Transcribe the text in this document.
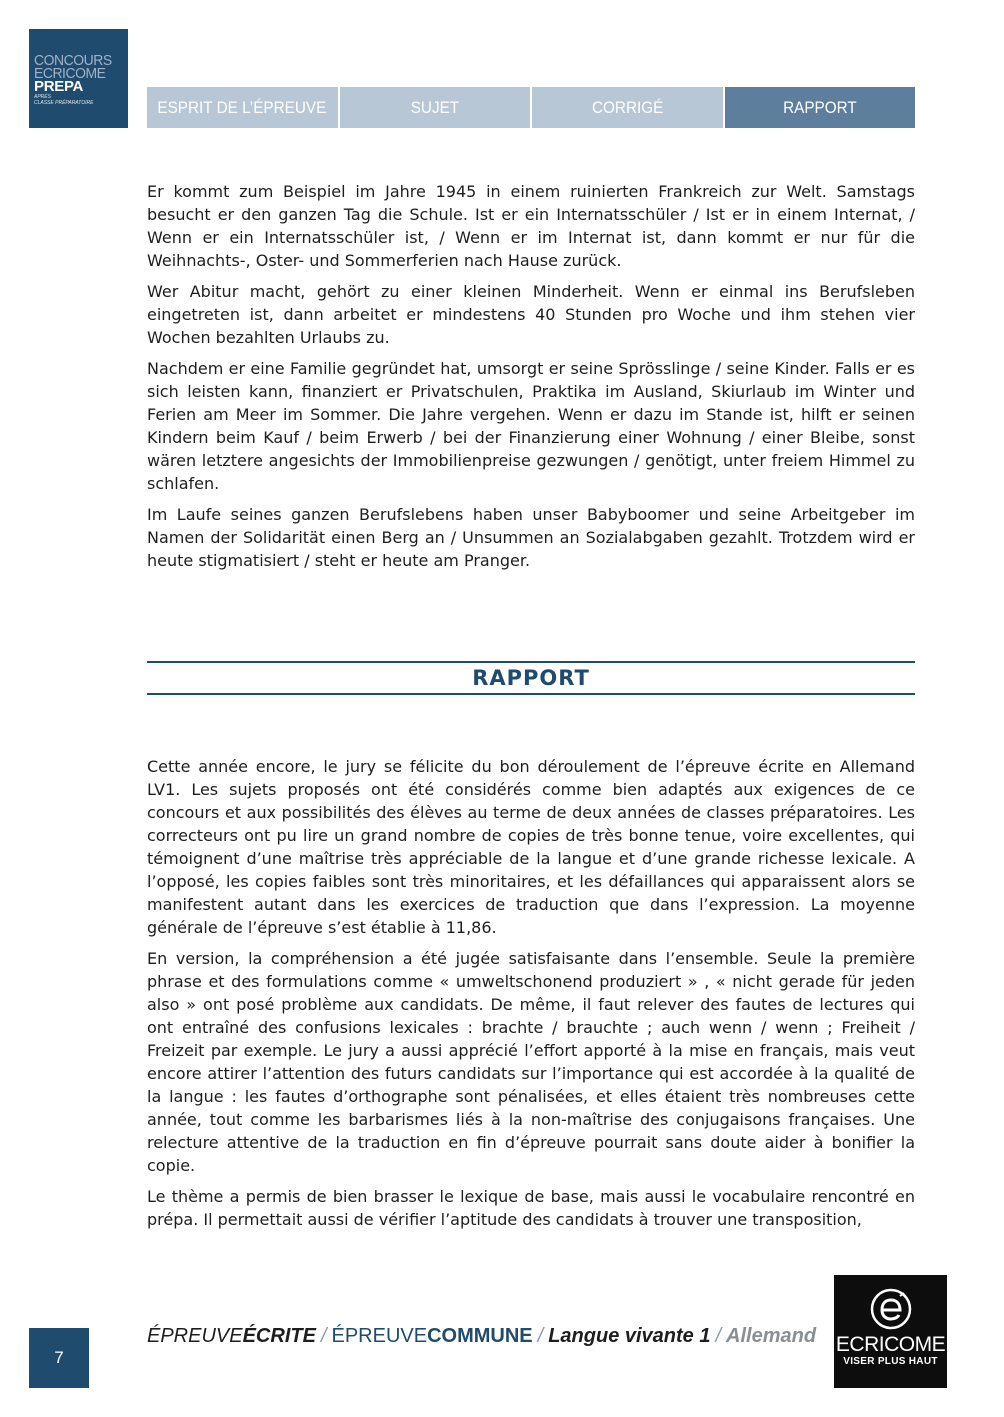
CONCOURS
ECRICOME
PREPA
APRÈS
CLASSE PRÉPARATOIRE	ESPRIT DE L’ÉPREUVE	SUJET	CORRIGÉ	RAPPORT

Er kommt zum Beispiel im Jahre 1945 in einem ruinierten Frankreich zur Welt. Samstags besucht er den ganzen Tag die Schule. Ist er ein Internatsschüler / Ist er in einem Internat, / Wenn er ein Internatsschüler ist, / Wenn er im Internat ist, dann kommt er nur für die Weihnachts-, Oster- und Sommerferien nach Hause zurück.

Wer Abitur macht, gehört zu einer kleinen Minderheit. Wenn er einmal ins Berufsleben eingetreten ist, dann arbeitet er mindestens 40 Stunden pro Woche und ihm stehen vier Wochen bezahlten Urlaubs zu.

Nachdem er eine Familie gegründet hat, umsorgt er seine Sprösslinge / seine Kinder. Falls er es sich leisten kann, finanziert er Privatschulen, Praktika im Ausland, Skiurlaub im Winter und Ferien am Meer im Sommer. Die Jahre vergehen. Wenn er dazu im Stande ist, hilft er seinen Kindern beim Kauf / beim Erwerb / bei der Finanzierung einer Wohnung / einer Bleibe, sonst wären letztere angesichts der Immobilienpreise gezwungen / genötigt, unter freiem Himmel zu schlafen.

Im Laufe seines ganzen Berufslebens haben unser Babyboomer und seine Arbeitgeber im Namen der Solidarität einen Berg an / Unsummen an Sozialabgaben gezahlt. Trotzdem wird er heute stigmatisiert / steht er heute am Pranger.

RAPPORT

Cette année encore, le jury se félicite du bon déroulement de l’épreuve écrite en Allemand LV1. Les sujets proposés ont été considérés comme bien adaptés aux exigences de ce concours et aux possibilités des élèves au terme de deux années de classes préparatoires. Les correcteurs ont pu lire un grand nombre de copies de très bonne tenue, voire excellentes, qui témoignent d’une maîtrise très appréciable de la langue et d’une grande richesse lexicale. A l’opposé, les copies faibles sont très minoritaires, et les défaillances qui apparaissent alors se manifestent autant dans les exercices de traduction que dans l’expression. La moyenne générale de l’épreuve s’est établie à 11,86.

En version, la compréhension a été jugée satisfaisante dans l’ensemble. Seule la première phrase et des formulations comme « umweltschonend produziert » , « nicht gerade für jeden also » ont posé problème aux candidats. De même, il faut relever des fautes de lectures qui ont entraîné des confusions lexicales : brachte / brauchte ; auch wenn / wenn ; Freiheit / Freizeit par exemple. Le jury a aussi apprécié l’effort apporté à la mise en français, mais veut encore attirer l’attention des futurs candidats sur l’importance qui est accordée à la qualité de la langue : les fautes d’orthographe sont pénalisées, et elles étaient très nombreuses cette année, tout comme les barbarismes liés à la non-maîtrise des conjugaisons françaises. Une relecture attentive de la traduction en fin d’épreuve pourrait sans doute aider à bonifier la copie.

Le thème a permis de bien brasser le lexique de base, mais aussi le vocabulaire rencontré en prépa. Il permettait aussi de vérifier l’aptitude des candidats à trouver une transposition,

7
ÉPREUVE ÉCRITE / ÉPREUVE COMMUNE / Langue vivante 1 / Allemand ECRICOME
VISER PLUS HAUT
